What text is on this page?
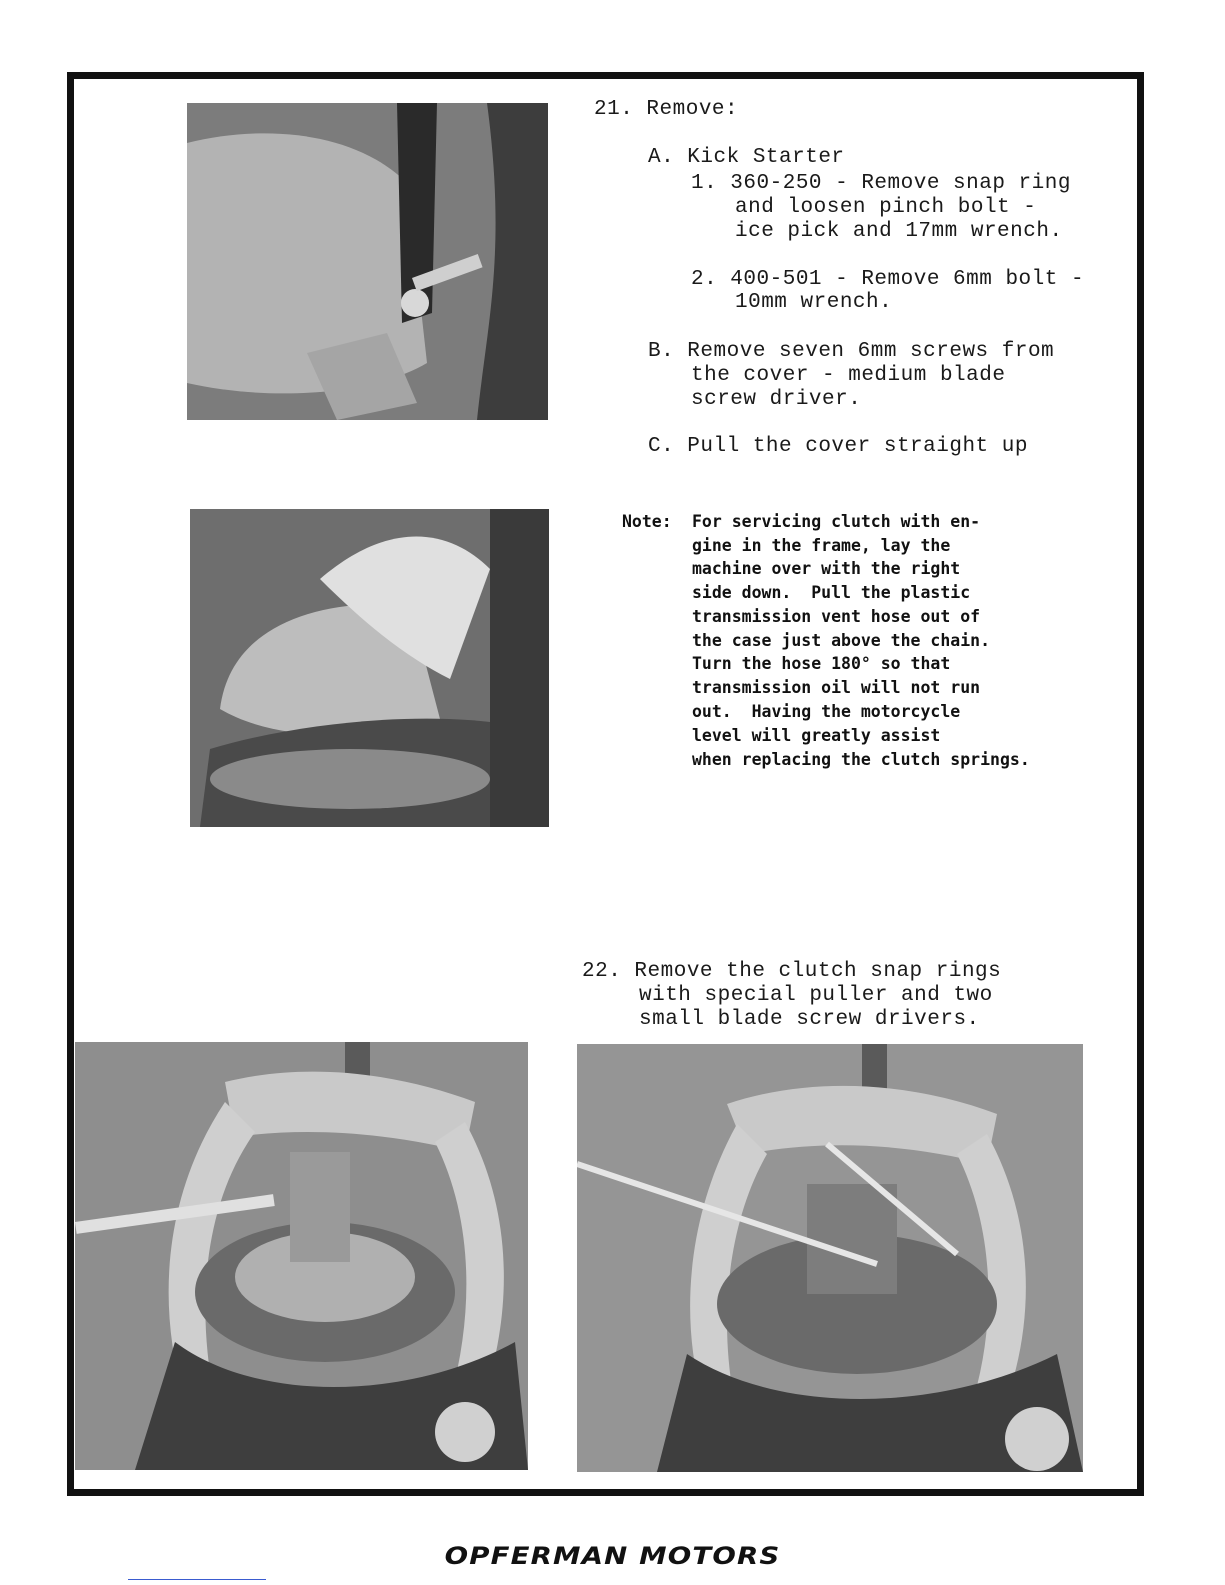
21. Remove:
A. Kick Starter
1. 360-250 - Remove snap ring
and loosen pinch bolt -
ice pick and 17mm wrench.
2. 400-501 - Remove 6mm bolt -
10mm wrench.
B. Remove seven 6mm screws from
the cover - medium blade
screw driver.
C. Pull the cover straight up
Note: For servicing clutch with en-
gine in the frame, lay the
machine over with the right
side down.  Pull the plastic
transmission vent hose out of
the case just above the chain.
Turn the hose 180° so that
transmission oil will not run
out.  Having the motorcycle
level will greatly assist
when replacing the clutch springs.
22. Remove the clutch snap rings
with special puller and two
small blade screw drivers.
OPFERMAN MOTORS
